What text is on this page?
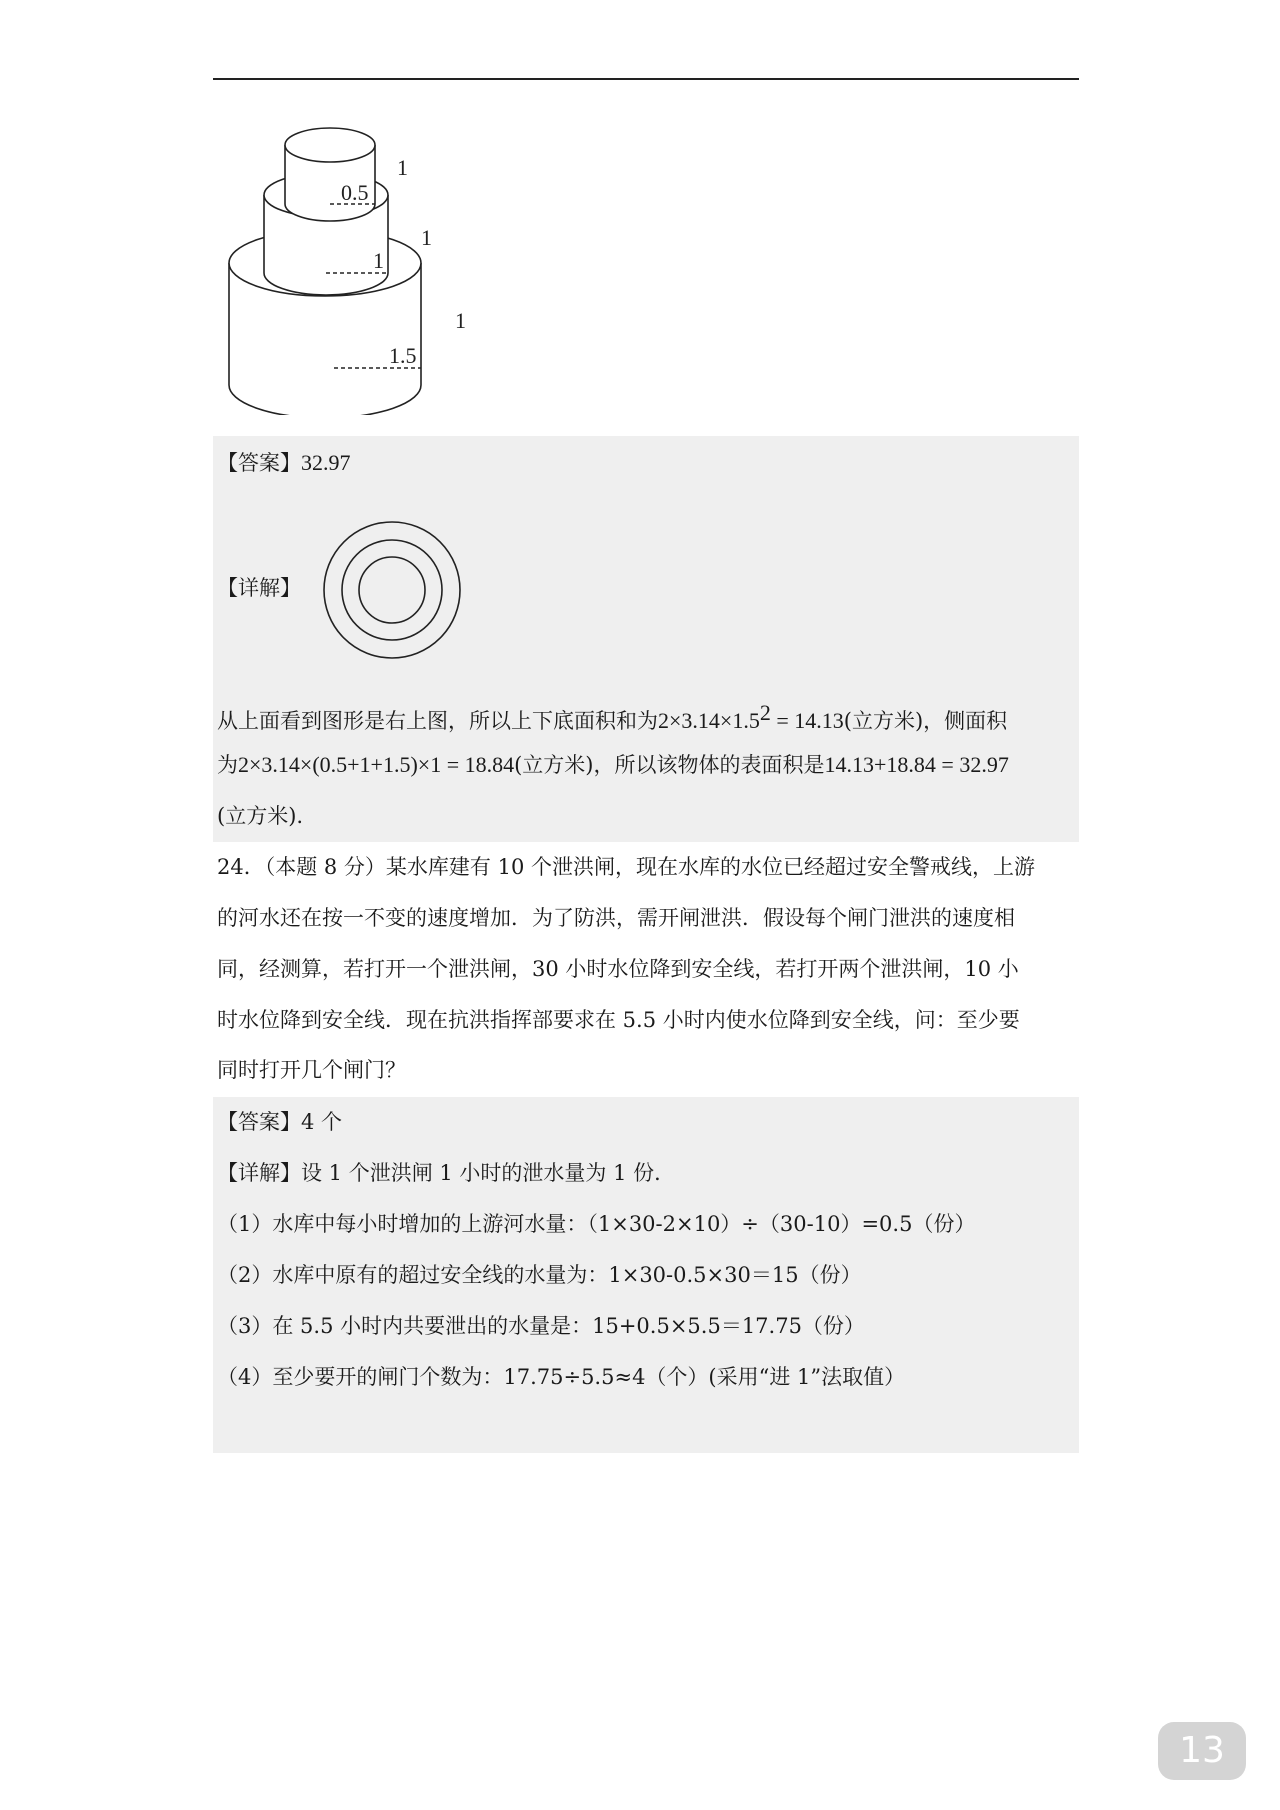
1
0.5
1
1
1
1.5
【答案】32.97
【详解】
从上面看到图形是右上图，所以上下底面积和为$2\times 3.14\times 1.5^2 = 14.13$(立方米)，侧面积
为2×3.14×(0.5+1+1.5)×1 = 18.84(立方米)，所以该物体的表面积是14.13+18.84 = 32.97
(立方米).
24．（本题 8 分）某水库建有 10 个泄洪闸，现在水库的水位已经超过安全警戒线，上游
的河水还在按一不变的速度增加．为了防洪，需开闸泄洪．假设每个闸门泄洪的速度相
同，经测算，若打开一个泄洪闸，30 小时水位降到安全线，若打开两个泄洪闸，10 小
时水位降到安全线．现在抗洪指挥部要求在 5.5 小时内使水位降到安全线，问：至少要
同时打开几个闸门？
【答案】4 个
【详解】设 1 个泄洪闸 1 小时的泄水量为 1 份．
（1）水库中每小时增加的上游河水量：（1×30-2×10）÷（30-10）=0.5（份）
（2）水库中原有的超过安全线的水量为：1×30-0.5×30＝15（份）
（3）在 5.5 小时内共要泄出的水量是：15+0.5×5.5＝17.75（份）
（4）至少要开的闸门个数为：17.75÷5.5≈4（个）(采用“进 1”法取值）
13
